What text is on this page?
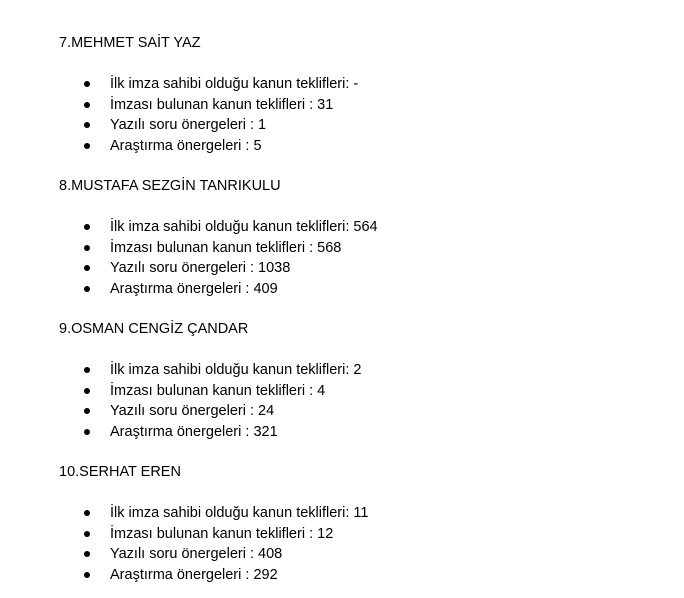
7.MEHMET SAİT YAZ
İlk imza sahibi olduğu kanun teklifleri: -
İmzası bulunan kanun teklifleri : 31
Yazılı soru önergeleri : 1
Araştırma önergeleri : 5
8.MUSTAFA SEZGİN TANRIKULU
İlk imza sahibi olduğu kanun teklifleri: 564
İmzası bulunan kanun teklifleri : 568
Yazılı soru önergeleri : 1038
Araştırma önergeleri : 409
9.OSMAN CENGİZ ÇANDAR
İlk imza sahibi olduğu kanun teklifleri: 2
İmzası bulunan kanun teklifleri : 4
Yazılı soru önergeleri : 24
Araştırma önergeleri : 321
10.SERHAT EREN
İlk imza sahibi olduğu kanun teklifleri: 11
İmzası bulunan kanun teklifleri : 12
Yazılı soru önergeleri : 408
Araştırma önergeleri : 292
